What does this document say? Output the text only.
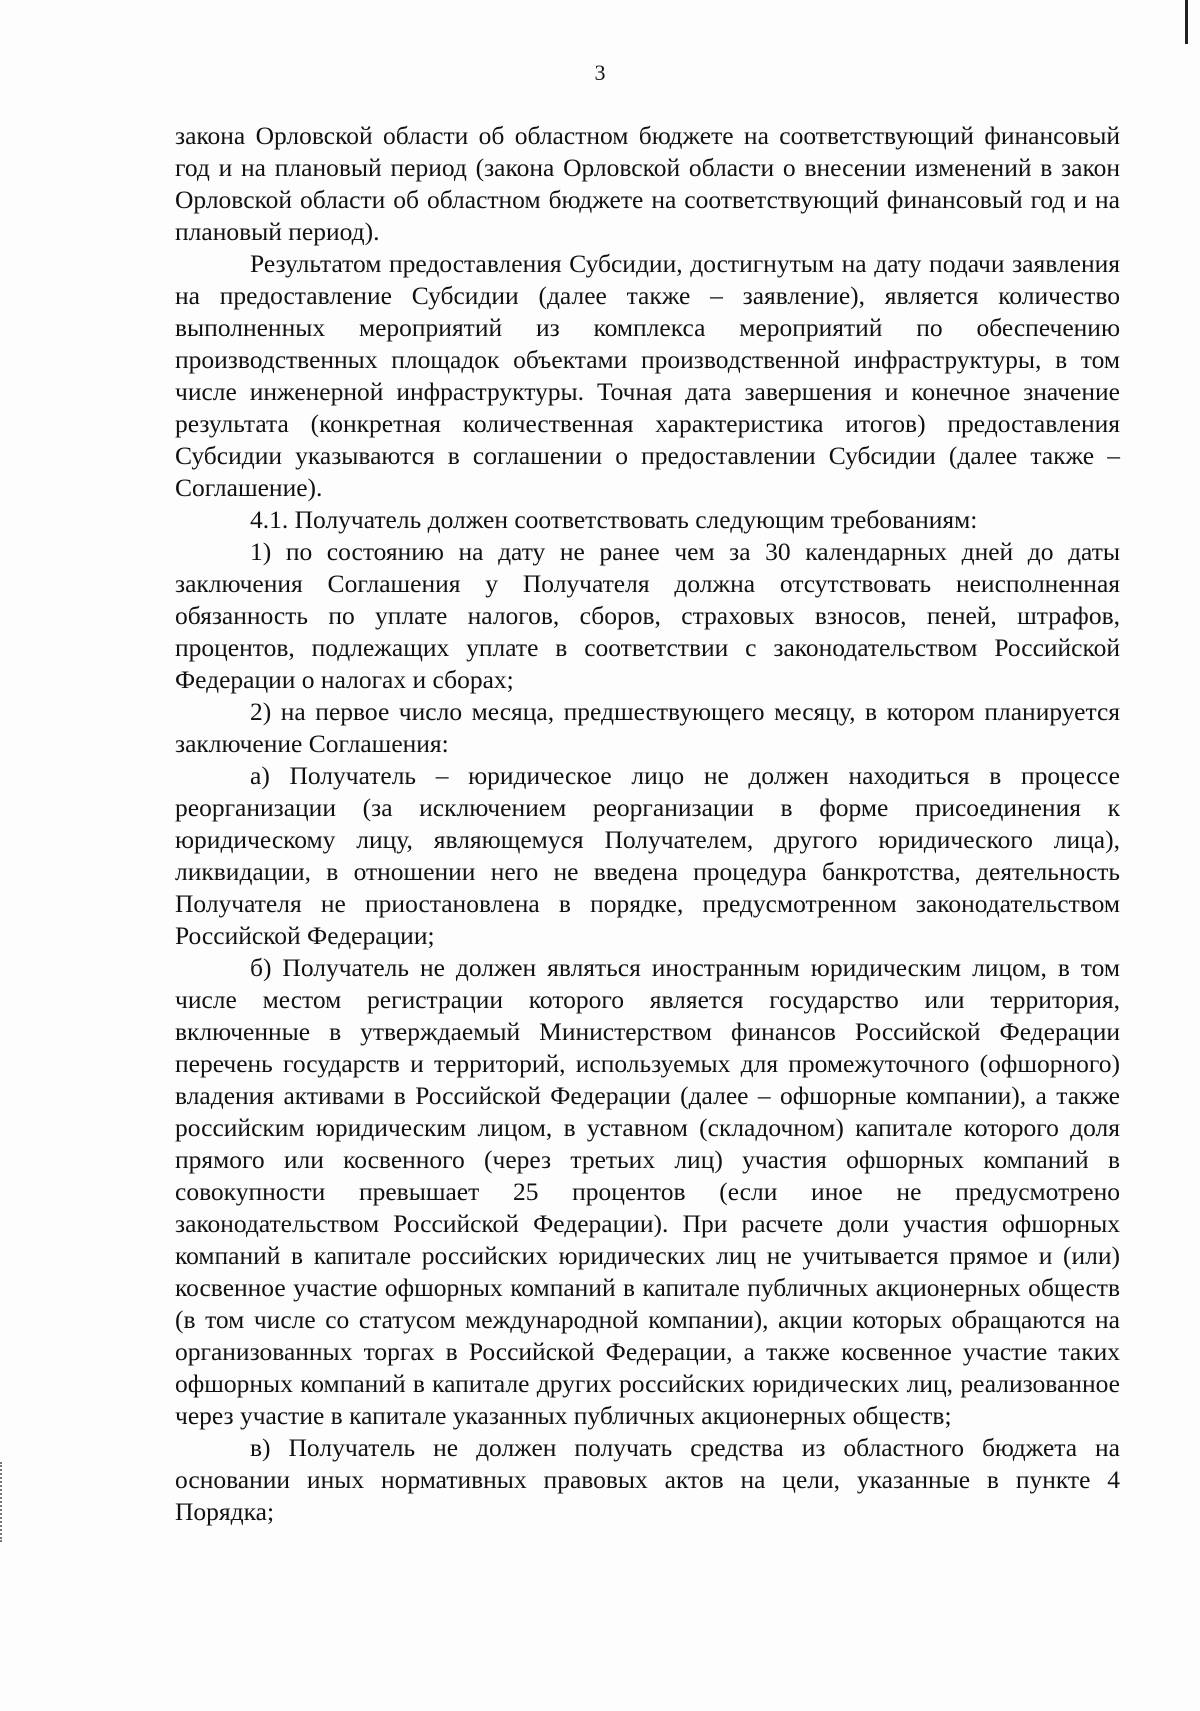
3

закона Орловской области об областном бюджете на соответствующий финансовый год и на плановый период (закона Орловской области о внесении изменений в закон Орловской области об областном бюджете на соответствующий финансовый год и на плановый период).

Результатом предоставления Субсидии, достигнутым на дату подачи заявления на предоставление Субсидии (далее также – заявление), является количество выполненных мероприятий из комплекса мероприятий по обеспечению производственных площадок объектами производственной инфраструктуры, в том числе инженерной инфраструктуры. Точная дата завершения и конечное значение результата (конкретная количественная характеристика итогов) предоставления Субсидии указываются в соглашении о предоставлении Субсидии (далее также – Соглашение).

4.1. Получатель должен соответствовать следующим требованиям:

1) по состоянию на дату не ранее чем за 30 календарных дней до даты заключения Соглашения у Получателя должна отсутствовать неисполненная обязанность по уплате налогов, сборов, страховых взносов, пеней, штрафов, процентов, подлежащих уплате в соответствии с законодательством Российской Федерации о налогах и сборах;

2) на первое число месяца, предшествующего месяцу, в котором планируется заключение Соглашения:

а) Получатель – юридическое лицо не должен находиться в процессе реорганизации (за исключением реорганизации в форме присоединения к юридическому лицу, являющемуся Получателем, другого юридического лица), ликвидации, в отношении него не введена процедура банкротства, деятельность Получателя не приостановлена в порядке, предусмотренном законодательством Российской Федерации;

б) Получатель не должен являться иностранным юридическим лицом, в том числе местом регистрации которого является государство или территория, включенные в утверждаемый Министерством финансов Российской Федерации перечень государств и территорий, используемых для промежуточного (офшорного) владения активами в Российской Федерации (далее – офшорные компании), а также российским юридическим лицом, в уставном (складочном) капитале которого доля прямого или косвенного (через третьих лиц) участия офшорных компаний в совокупности превышает 25 процентов (если иное не предусмотрено законодательством Российской Федерации). При расчете доли участия офшорных компаний в капитале российских юридических лиц не учитывается прямое и (или) косвенное участие офшорных компаний в капитале публичных акционерных обществ (в том числе со статусом международной компании), акции которых обращаются на организованных торгах в Российской Федерации, а также косвенное участие таких офшорных компаний в капитале других российских юридических лиц, реализованное через участие в капитале указанных публичных акционерных обществ;

в) Получатель не должен получать средства из областного бюджета на основании иных нормативных правовых актов на цели, указанные в пункте 4 Порядка;
